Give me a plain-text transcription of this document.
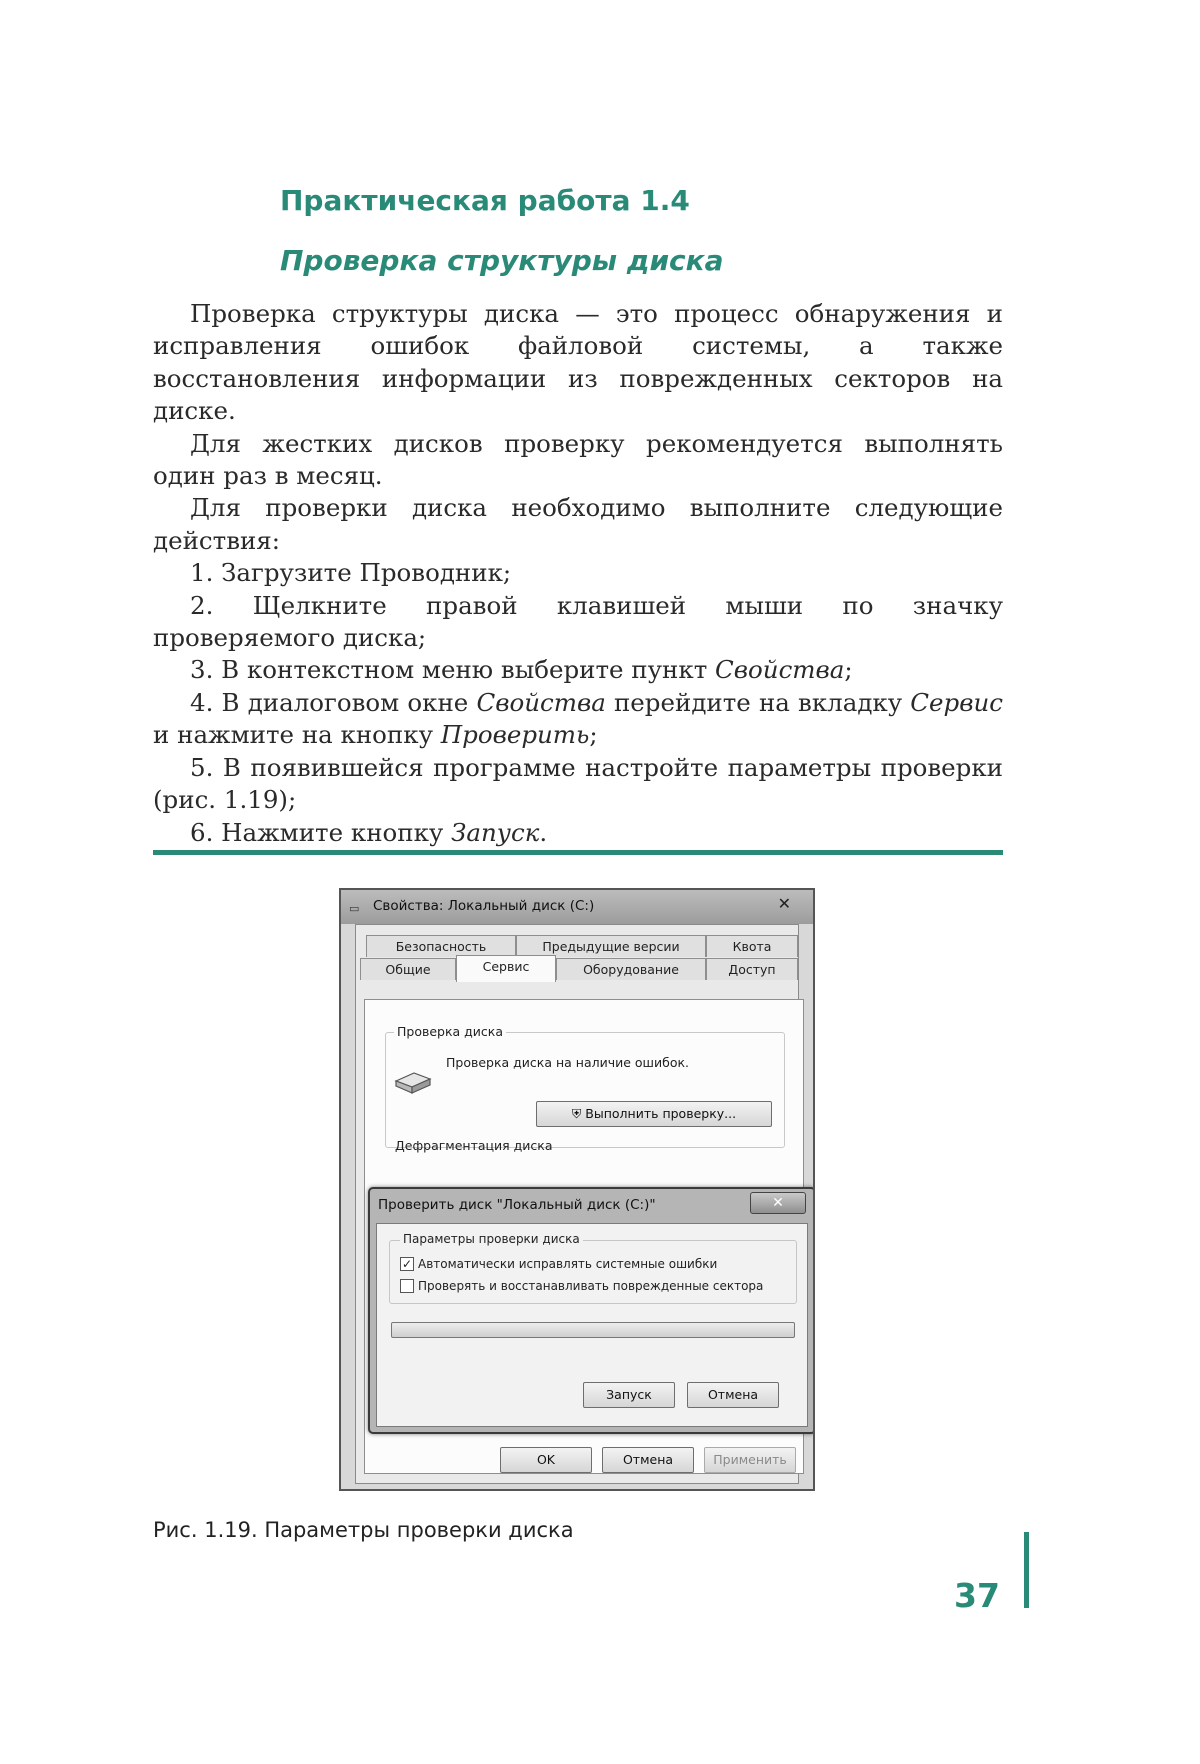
Практическая работа 1.4
Проверка структуры диска

Проверка структуры диска — это процесс обнаружения и исправления ошибок файловой системы, а также восстановления информации из поврежденных секторов на диске.

Для жестких дисков проверку рекомендуется выполнять один раз в месяц.

Для проверки диска необходимо выполните следующие действия:

1. Загрузите Проводник;

2. Щелкните правой клавишей мыши по значку проверяемого диска;

3. В контекстном меню выберите пункт Свойства;

4. В диалоговом окне Свойства перейдите на вкладку Сервис и нажмите на кнопку Проверить;

5. В появившейся программе настройте параметры проверки (рис. 1.19);

6. Нажмите кнопку Запуск.

▭ Свойства: Локальный диск (C:)	✕
Безопасность	Предыдущие версии	Квота
Общие	Сервис	Оборудование	Доступ
Проверка диска
Проверка диска на наличие ошибок.
⛨ Выполнить проверку...
Дефрагментация диска
Проверить диск "Локальный диск (C:)"	✕
Параметры проверки диска
✓ Автоматически исправлять системные ошибки
Проверять и восстанавливать поврежденные сектора
Запуск	Отмена
OK	Отмена	Применить
Рис. 1.19. Параметры проверки диска
37
